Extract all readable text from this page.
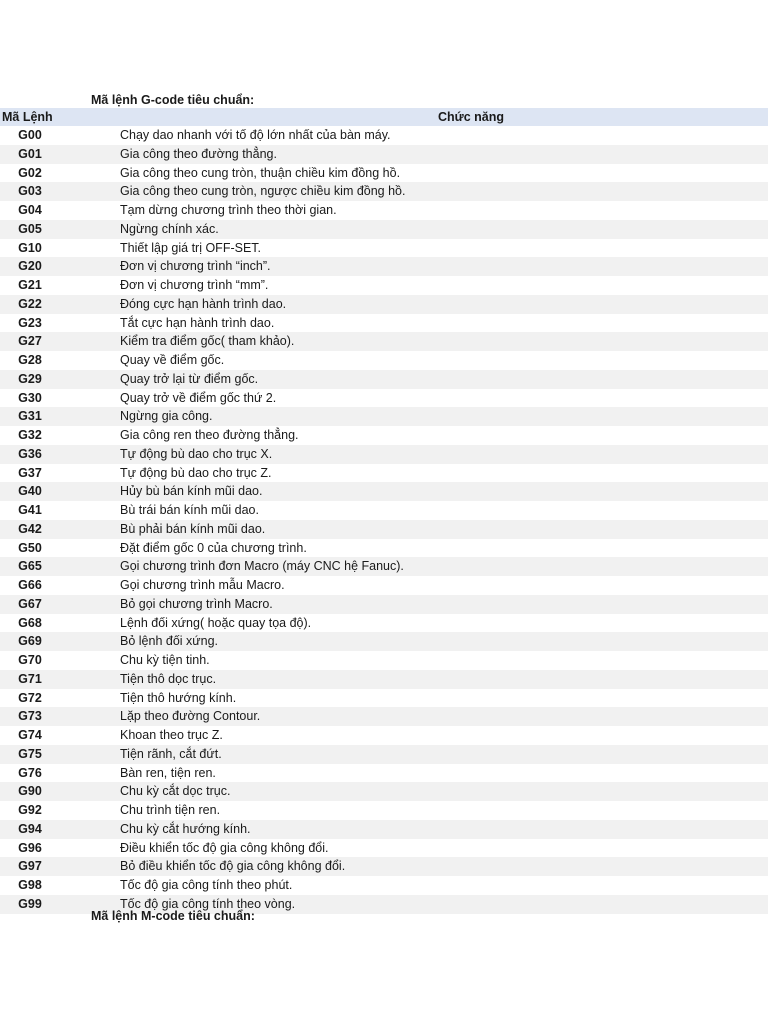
Mã lệnh G-code tiêu chuẩn:
Mã Lệnh	Chức năng
G00	Chạy dao nhanh với tố độ lớn nhất của bàn máy.
G01	Gia công theo đường thẳng.
G02	Gia công theo cung tròn, thuận chiều kim đồng hồ.
G03	Gia công theo cung tròn, ngược chiều kim đồng hồ.
G04	Tạm dừng chương trình theo thời gian.
G05	Ngừng chính xác.
G10	Thiết lập giá trị OFF-SET.
G20	Đơn vị chương trình “inch”.
G21	Đơn vị chương trình “mm”.
G22	Đóng cực hạn hành trình dao.
G23	Tắt cực hạn hành trình dao.
G27	Kiểm tra điểm gốc( tham khảo).
G28	Quay về điểm gốc.
G29	Quay trở lại từ điểm gốc.
G30	Quay trở về điểm gốc thứ 2.
G31	Ngừng gia công.
G32	Gia công ren theo đường thẳng.
G36	Tự động bù dao cho trục X.
G37	Tự động bù dao cho trục Z.
G40	Hủy bù bán kính mũi dao.
G41	Bù trái bán kính mũi dao.
G42	Bù phải bán kính mũi dao.
G50	Đặt điểm gốc 0 của chương trình.
G65	Gọi chương trình đơn Macro (máy CNC hệ Fanuc).
G66	Gọi chương trình mẫu Macro.
G67	Bỏ gọi chương trình Macro.
G68	Lệnh đối xứng( hoặc quay tọa độ).
G69	Bỏ lệnh đối xứng.
G70	Chu kỳ tiện tinh.
G71	Tiện thô dọc trục.
G72	Tiện thô hướng kính.
G73	Lặp theo đường Contour.
G74	Khoan theo trục Z.
G75	Tiện rãnh, cắt đứt.
G76	Bàn ren, tiện ren.
G90	Chu kỳ cắt dọc trục.
G92	Chu trình tiện ren.
G94	Chu kỳ cắt hướng kính.
G96	Điều khiển tốc độ gia công không đổi.
G97	Bỏ điều khiển tốc độ gia công không đổi.
G98	Tốc độ gia công tính theo phút.
G99	Tốc độ gia công tính theo vòng.
Mã lệnh M-code tiêu chuẩn:
